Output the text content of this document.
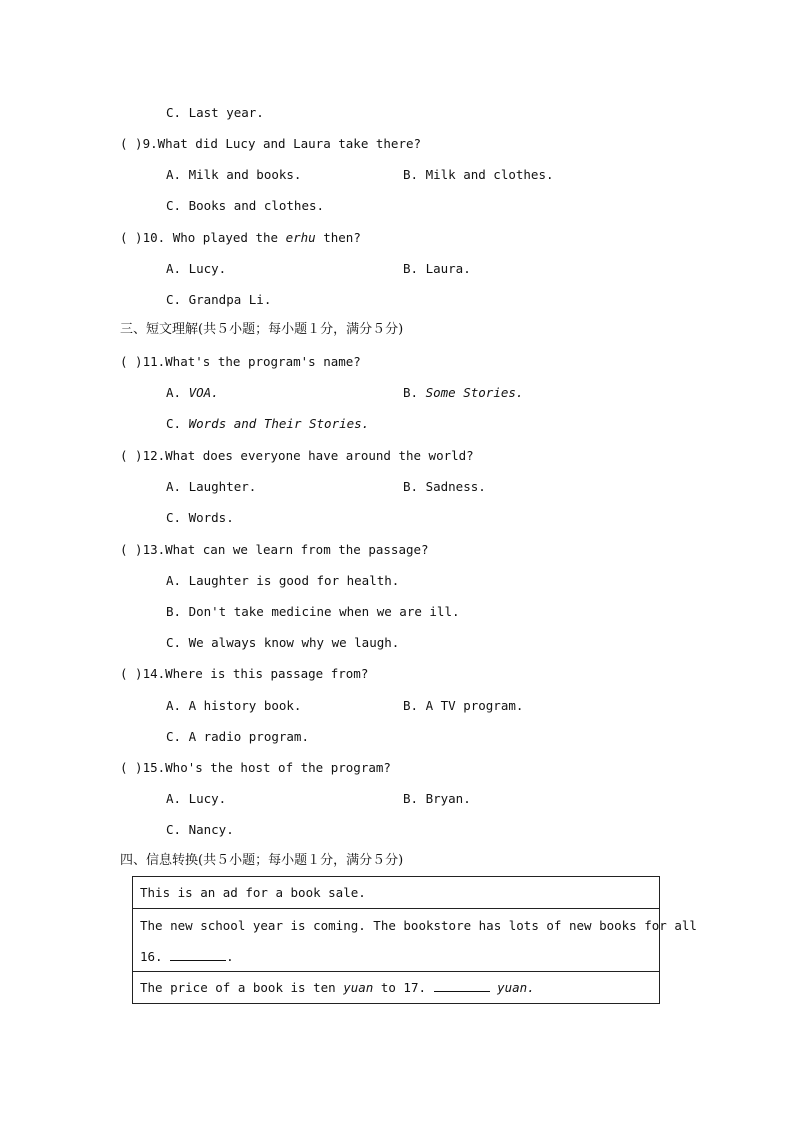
C. Last year.
( )9.What did Lucy and Laura take there?
A. Milk and books.	B. Milk and clothes.
C. Books and clothes.
( )10. Who played the erhu then?
A. Lucy.	B. Laura.
C. Grandpa Li.
三、短文理解(共５小题；每小题１分，满分５分)
( )11.What's the program's name?
A. VOA.	B. Some Stories.
C. Words and Their Stories.
( )12.What does everyone have around the world?
A. Laughter.	B. Sadness.
C. Words.
( )13.What can we learn from the passage?
A. Laughter is good for health.
B. Don't take medicine when we are ill.
C. We always know why we laugh.
( )14.Where is this passage from?
A. A history book.	B. A TV program.
C. A radio program.
( )15.Who's the host of the program?
A. Lucy.	B. Bryan.
C. Nancy.
四、信息转换(共５小题；每小题１分，满分５分)
This is an ad for a book sale.
The new school year is coming. The bookstore has lots of new books for all
16.	.
The price of a book is ten yuan to 17.	yuan.
